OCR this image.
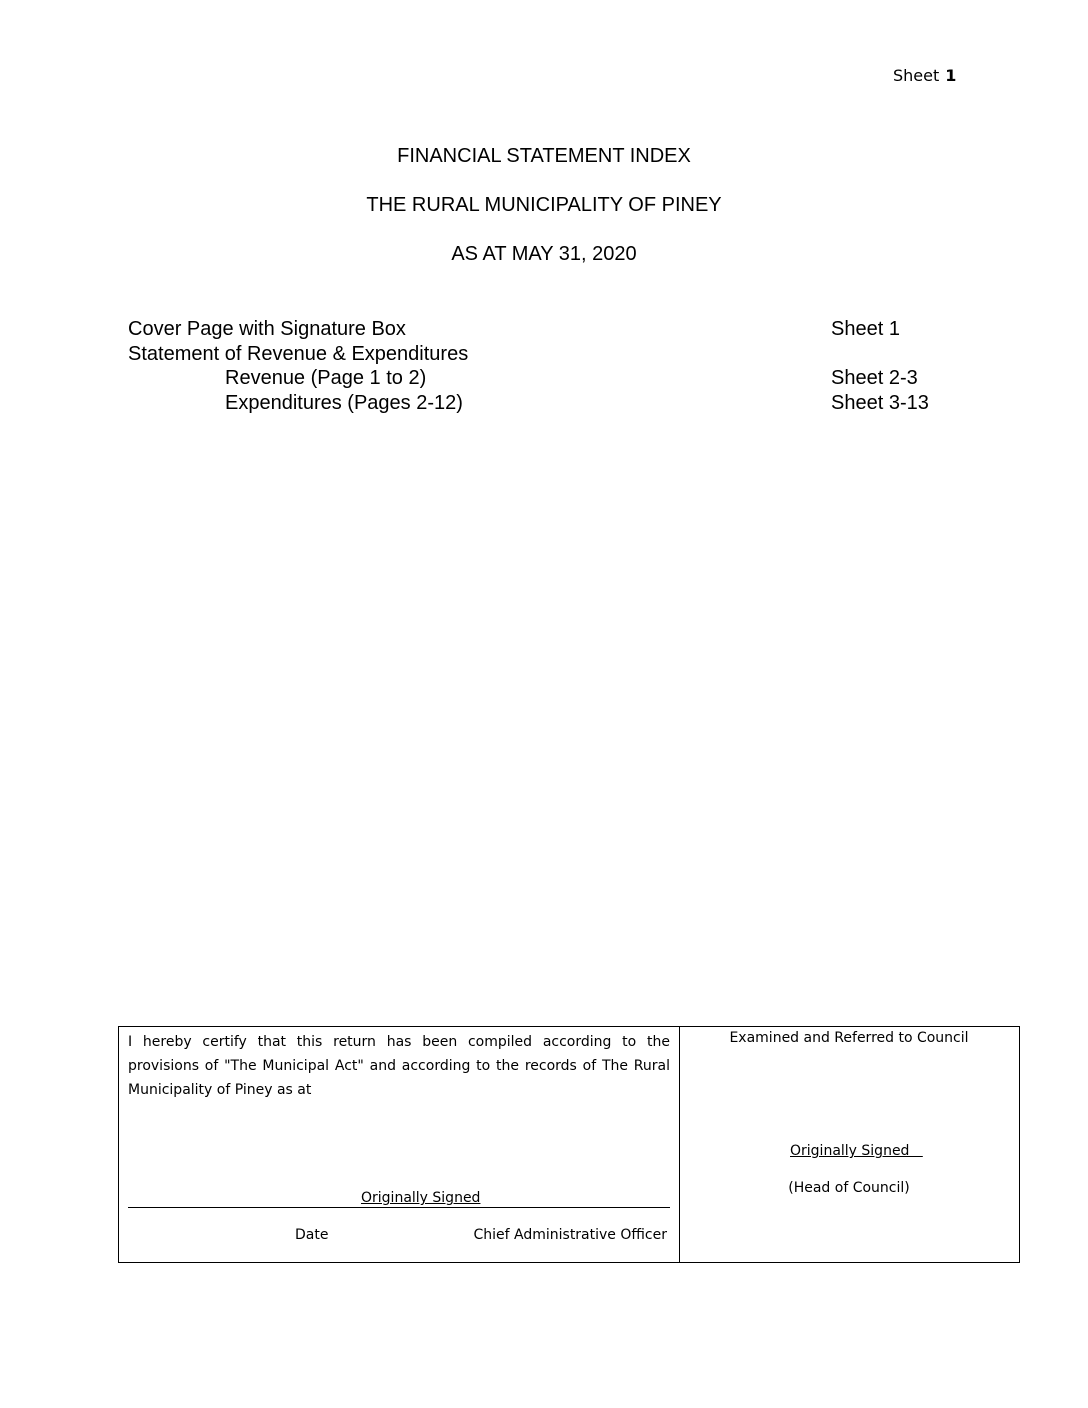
Sheet 1
FINANCIAL STATEMENT INDEX
THE RURAL MUNICIPALITY OF PINEY
AS AT MAY 31, 2020
Cover Page with Signature Box	Sheet 1
Statement of Revenue & Expenditures
Revenue (Page 1 to 2)	Sheet 2-3
Expenditures (Pages 2-12)	Sheet 3-13
I hereby certify that this return has been compiled according to the provisions of "The Municipal Act" and according to the records of The Rural Municipality of Piney as at
Originally Signed
Date	Chief Administrative Officer
Examined and Referred to Council
Originally Signed
(Head of Council)
